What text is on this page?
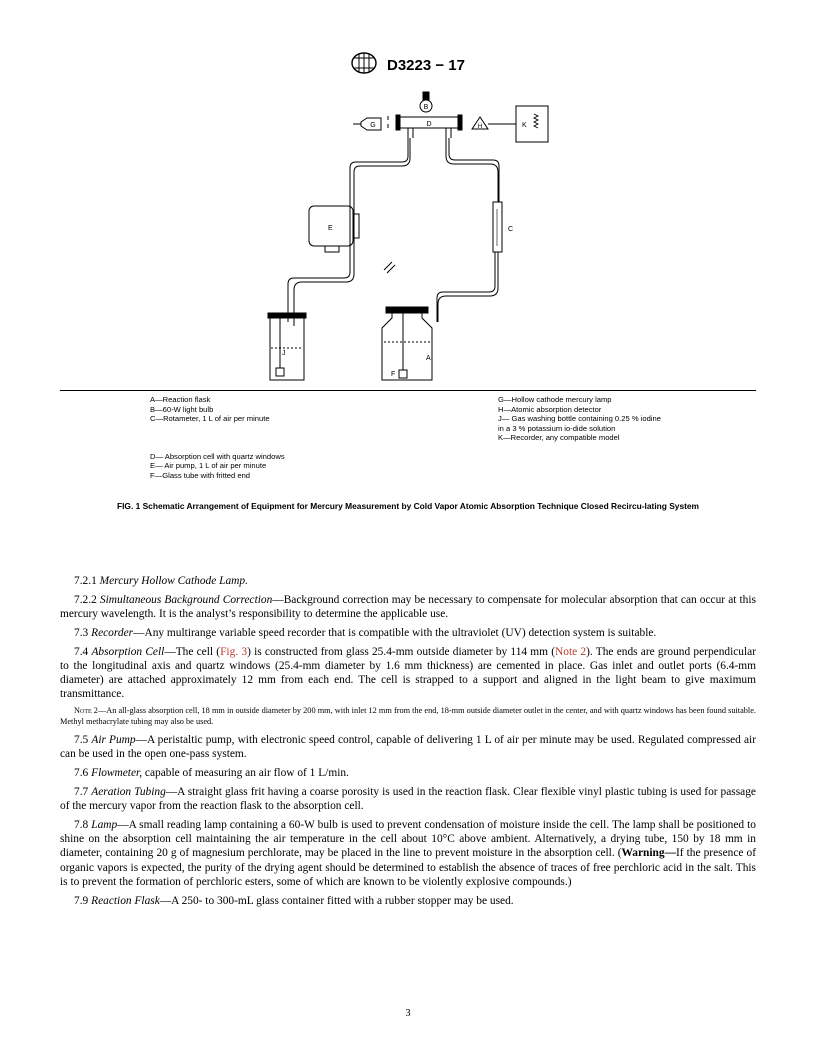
D3223 − 17
B
D
G	H	K
C
E
J
A
F
A—Reaction flask
B—60-W light bulb
C—Rotameter, 1 L of air per minute
D— Absorption cell with quartz windows
E— Air pump, 1 L of air per minute
F—Glass tube with fritted end
G—Hollow cathode mercury lamp
H—Atomic absorption detector
J— Gas washing bottle containing 0.25 % iodine in a 3 % potassium io-dide solution
K—Recorder, any compatible model
FIG. 1 Schematic Arrangement of Equipment for Mercury Measurement by Cold Vapor Atomic Absorption Technique Closed Recircu-lating System

7.2.1 Mercury Hollow Cathode Lamp.

7.2.2 Simultaneous Background Correction—Background correction may be necessary to compensate for molecular absorption that can occur at this mercury wavelength. It is the analyst’s responsibility to determine the applicable use.

7.3 Recorder—Any multirange variable speed recorder that is compatible with the ultraviolet (UV) detection system is suitable.

7.4 Absorption Cell—The cell (Fig. 3) is constructed from glass 25.4-mm outside diameter by 114 mm (Note 2). The ends are ground perpendicular to the longitudinal axis and quartz windows (25.4-mm diameter by 1.6 mm thickness) are cemented in place. Gas inlet and outlet ports (6.4-mm diameter) are attached approximately 12 mm from each end. The cell is strapped to a support and aligned in the light beam to give maximum transmittance.

Note 2—An all-glass absorption cell, 18 mm in outside diameter by 200 mm, with inlet 12 mm from the end, 18-mm outside diameter outlet in the center, and with quartz windows has been found suitable. Methyl methacrylate tubing may also be used.

7.5 Air Pump—A peristaltic pump, with electronic speed control, capable of delivering 1 L of air per minute may be used. Regulated compressed air can be used in the open one-pass system.

7.6 Flowmeter, capable of measuring an air flow of 1 L/min.

7.7 Aeration Tubing—A straight glass frit having a coarse porosity is used in the reaction flask. Clear flexible vinyl plastic tubing is used for passage of the mercury vapor from the reaction flask to the absorption cell.

7.8 Lamp—A small reading lamp containing a 60-W bulb is used to prevent condensation of moisture inside the cell. The lamp shall be positioned to shine on the absorption cell maintaining the air temperature in the cell about 10°C above ambient. Alternatively, a drying tube, 150 by 18 mm in diameter, containing 20 g of magnesium perchlorate, may be placed in the line to prevent moisture in the absorption cell. (Warning—If the presence of organic vapors is expected, the purity of the drying agent should be determined to establish the absence of traces of free perchloric acid in the salt. This is to prevent the formation of perchloric esters, some of which are known to be violently explosive compounds.)

7.9 Reaction Flask—A 250- to 300-mL glass container fitted with a rubber stopper may be used.

3
